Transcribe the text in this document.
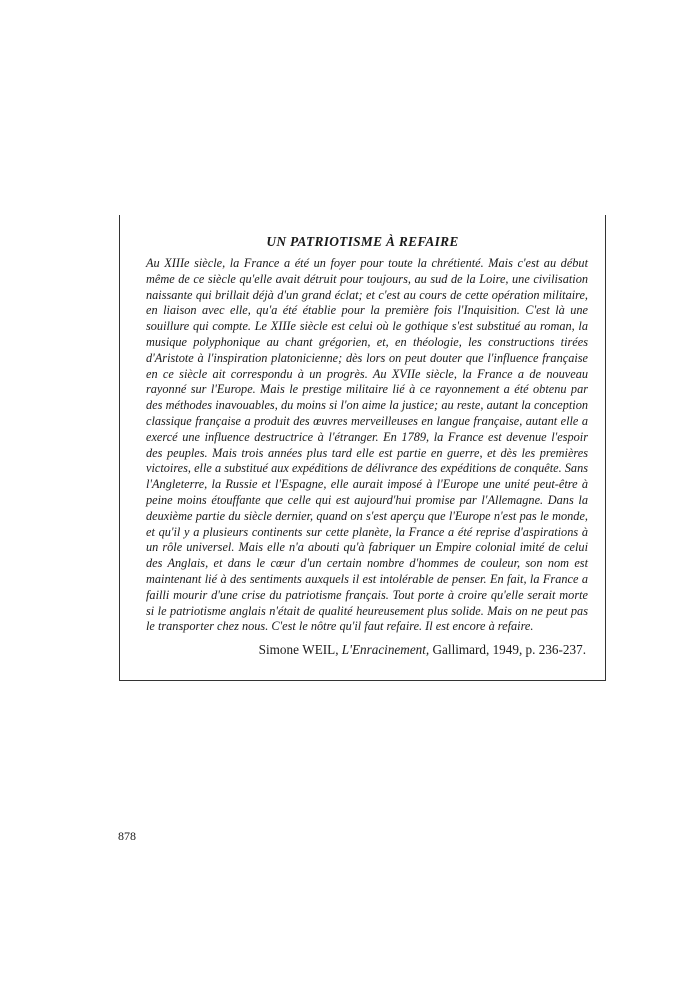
UN PATRIOTISME À REFAIRE

Au XIIIe siècle, la France a été un foyer pour toute la chrétienté. Mais c'est au début même de ce siècle qu'elle avait détruit pour toujours, au sud de la Loire, une civilisation naissante qui brillait déjà d'un grand éclat; et c'est au cours de cette opération militaire, en liaison avec elle, qu'a été établie pour la première fois l'Inquisition. C'est là une souillure qui compte. Le XIIIe siècle est celui où le gothique s'est substitué au roman, la musique polyphonique au chant grégorien, et, en théologie, les constructions tirées d'Aristote à l'inspiration platonicienne; dès lors on peut douter que l'influence française en ce siècle ait correspondu à un progrès. Au XVIIe siècle, la France a de nouveau rayonné sur l'Europe. Mais le prestige militaire lié à ce rayonnement a été obtenu par des méthodes inavouables, du moins si l'on aime la justice; au reste, autant la conception classique française a produit des œuvres merveilleuses en langue française, autant elle a exercé une influence destructrice à l'étranger. En 1789, la France est devenue l'espoir des peuples. Mais trois années plus tard elle est partie en guerre, et dès les premières victoires, elle a substitué aux expéditions de délivrance des expéditions de conquête. Sans l'Angleterre, la Russie et l'Espagne, elle aurait imposé à l'Europe une unité peut-être à peine moins étouffante que celle qui est aujourd'hui promise par l'Allemagne. Dans la deuxième partie du siècle dernier, quand on s'est aperçu que l'Europe n'est pas le monde, et qu'il y a plusieurs continents sur cette planète, la France a été reprise d'aspirations à un rôle universel. Mais elle n'a abouti qu'à fabriquer un Empire colonial imité de celui des Anglais, et dans le cœur d'un certain nombre d'hommes de couleur, son nom est maintenant lié à des sentiments auxquels il est intolérable de penser. En fait, la France a failli mourir d'une crise du patriotisme français. Tout porte à croire qu'elle serait morte si le patriotisme anglais n'était de qualité heureusement plus solide. Mais on ne peut pas le transporter chez nous. C'est le nôtre qu'il faut refaire. Il est encore à refaire.

Simone WEIL, L'Enracinement, Gallimard, 1949, p. 236-237.

878
